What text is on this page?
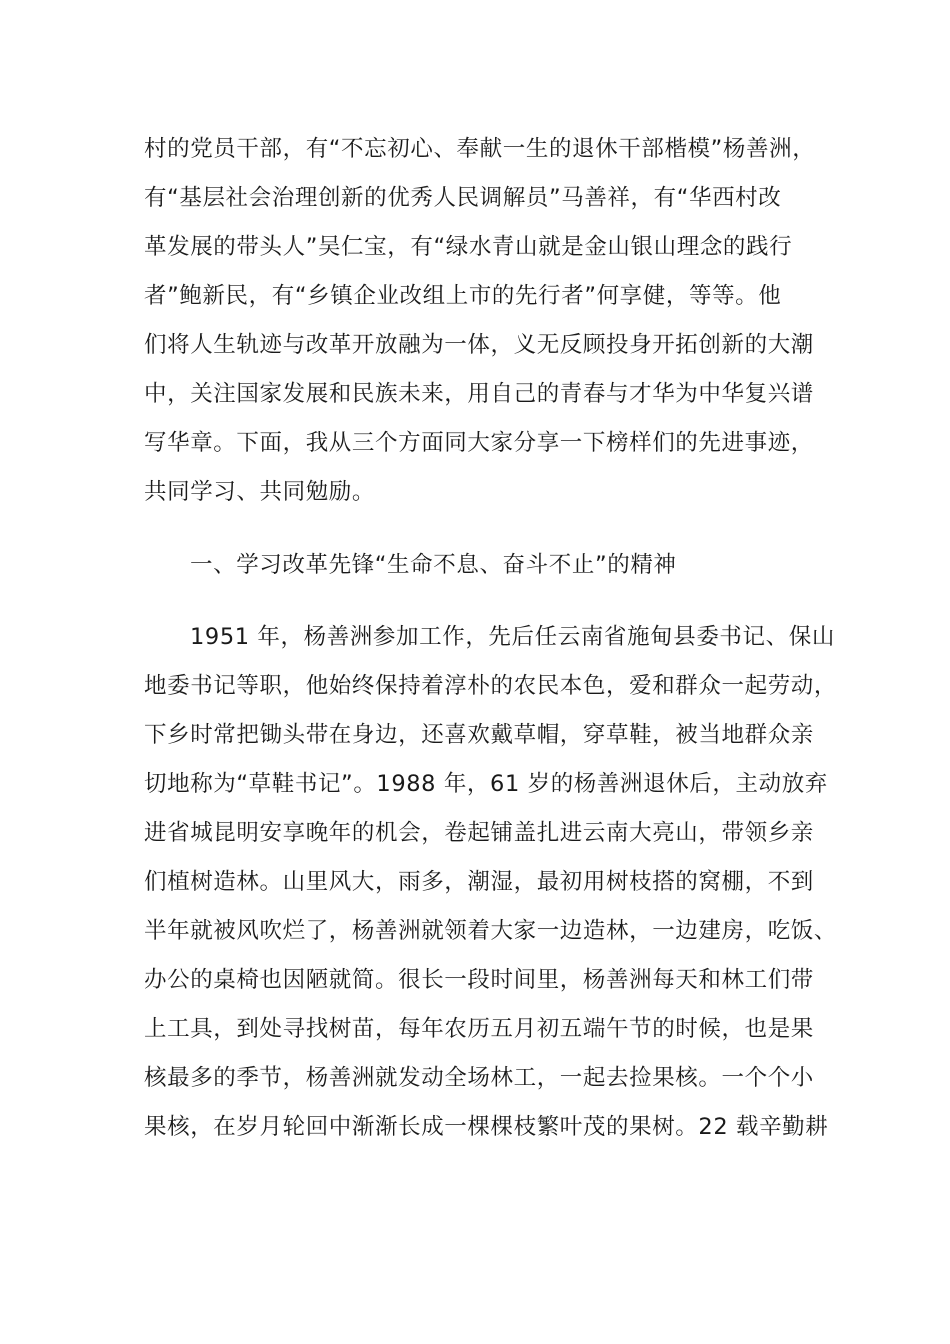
村的党员干部，有“不忘初心、奉献一生的退休干部楷模”杨善洲，
有“基层社会治理创新的优秀人民调解员”马善祥，有“华西村改
革发展的带头人”吴仁宝，有“绿水青山就是金山银山理念的践行
者”鲍新民，有“乡镇企业改组上市的先行者”何享健，等等。他
们将人生轨迹与改革开放融为一体，义无反顾投身开拓创新的大潮
中，关注国家发展和民族未来，用自己的青春与才华为中华复兴谱
写华章。下面，我从三个方面同大家分享一下榜样们的先进事迹，
共同学习、共同勉励。
一、学习改革先锋“生命不息、奋斗不止”的精神
1951 年，杨善洲参加工作，先后任云南省施甸县委书记、保山
地委书记等职，他始终保持着淳朴的农民本色，爱和群众一起劳动，
下乡时常把锄头带在身边，还喜欢戴草帽，穿草鞋，被当地群众亲
切地称为“草鞋书记”。1988 年，61 岁的杨善洲退休后，主动放弃
进省城昆明安享晚年的机会，卷起铺盖扎进云南大亮山，带领乡亲
们植树造林。山里风大，雨多，潮湿，最初用树枝搭的窝棚，不到
半年就被风吹烂了，杨善洲就领着大家一边造林，一边建房，吃饭、
办公的桌椅也因陋就简。很长一段时间里，杨善洲每天和林工们带
上工具，到处寻找树苗，每年农历五月初五端午节的时候，也是果
核最多的季节，杨善洲就发动全场林工，一起去捡果核。一个个小
果核，在岁月轮回中渐渐长成一棵棵枝繁叶茂的果树。22 载辛勤耕
